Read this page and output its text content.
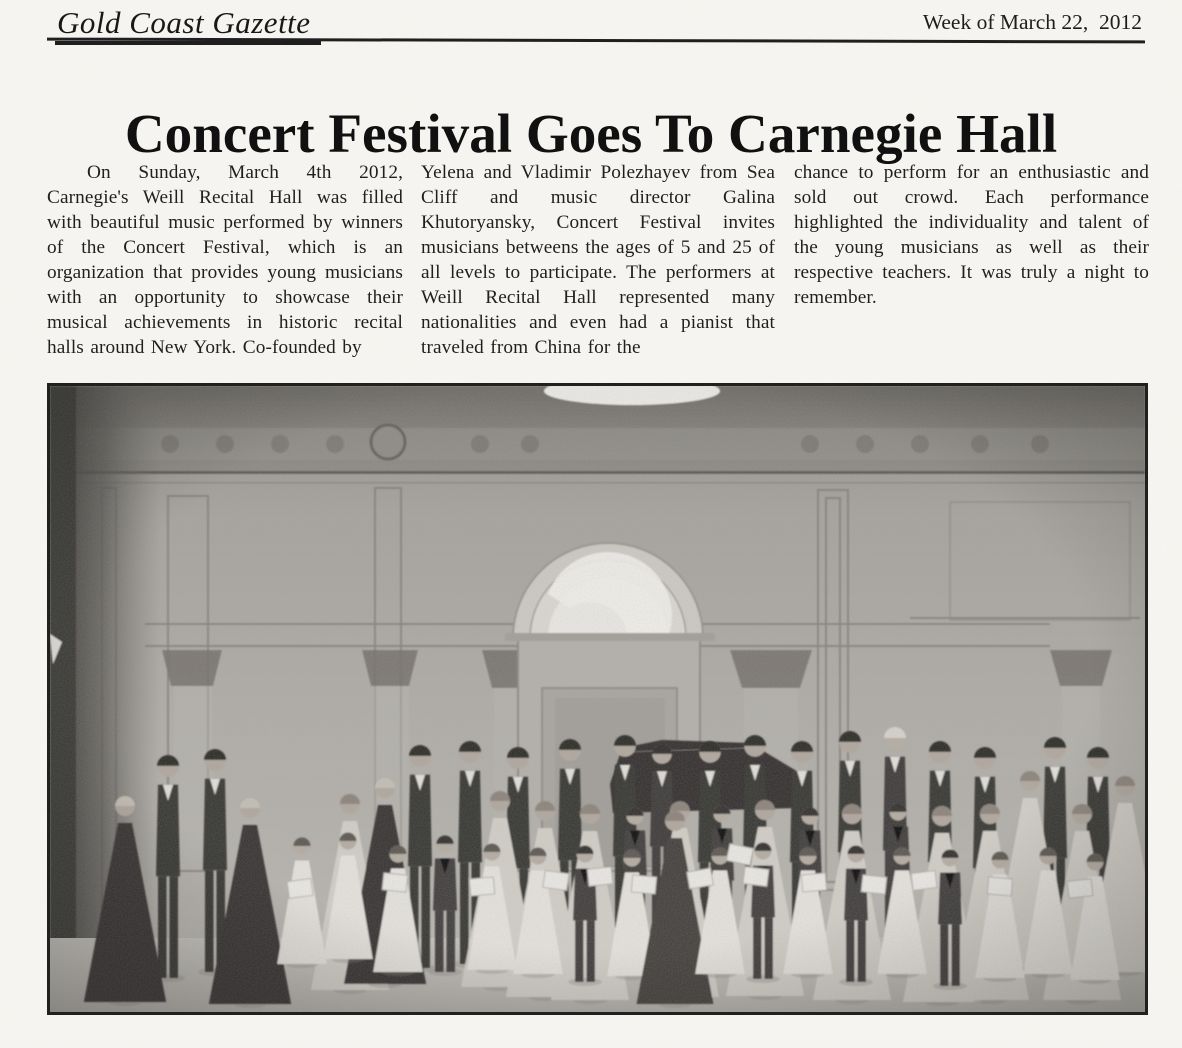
Gold Coast Gazette	Week of March 22,  2012
Concert Festival Goes To Carnegie Hall

On Sunday, March 4th 2012, Carnegie's Weill Recital Hall was filled with beautiful music performed by winners of the Concert Festival, which is an organization that provides young musicians with an opportunity to showcase their musical achievements in historic recital halls around New York. Co-founded by

Yelena and Vladimir Polezhayev from Sea Cliff and music director Galina Khutoryansky, Concert Festival invites musicians betweens the ages of 5 and 25 of all levels to participate. The performers at Weill Recital Hall represented many nationalities and even had a pianist that traveled from China for the

chance to perform for an enthusiastic and sold out crowd. Each performance highlighted the individuality and talent of the young musicians as well as their respective teachers. It was truly a night to remember.
